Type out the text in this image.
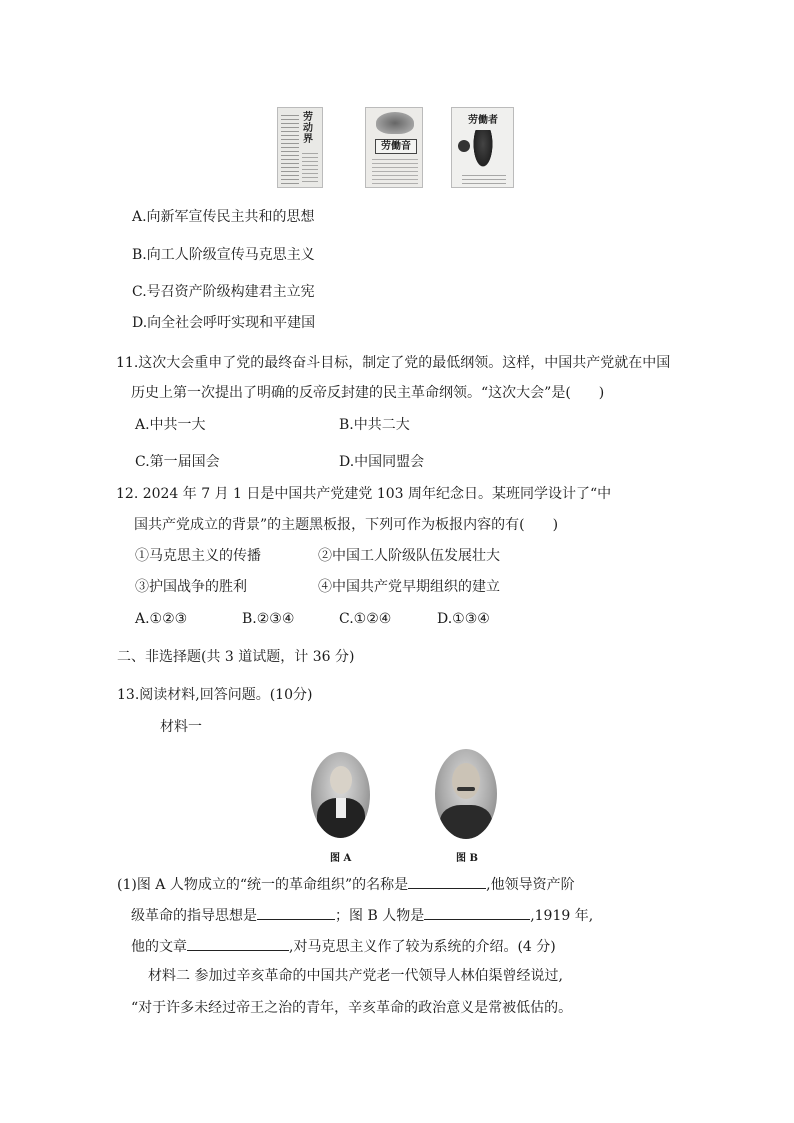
劳动界
劳働音
劳働者
A.向新军宣传民主共和的思想
B.向工人阶级宣传马克思主义
C.号召资产阶级构建君主立宪
D.向全社会呼吁实现和平建国
11.这次大会重申了党的最终奋斗目标，制定了党的最低纲领。这样，中国共产党就在中国
历史上第一次提出了明确的反帝反封建的民主革命纲领。“这次大会”是(　　)
A.中共一大	B.中共二大
C.第一届国会	D.中国同盟会
12. 2024 年 7 月 1 日是中国共产党建党 103 周年纪念日。某班同学设计了“中
国共产党成立的背景”的主题黑板报，下列可作为板报内容的有(　　)
①马克思主义的传播	②中国工人阶级队伍发展壮大
③护国战争的胜利	④中国共产党早期组织的建立
A.①②③	B.②③④	C.①②④	D.①③④
二、非选择题(共 3 道试题，计 36 分)
13.阅读材料,回答问题。(10分)
材料一
图 A	图 B
(1)图 A 人物成立的“统一的革命组织”的名称是	,他领导资产阶
级革命的指导思想是	；图 B 人物是	,1919 年,
他的文章	,对马克思主义作了较为系统的介绍。(4 分)
材料二 参加过辛亥革命的中国共产党老一代领导人林伯渠曾经说过,
“对于许多未经过帝王之治的青年，辛亥革命的政治意义是常被低估的。
